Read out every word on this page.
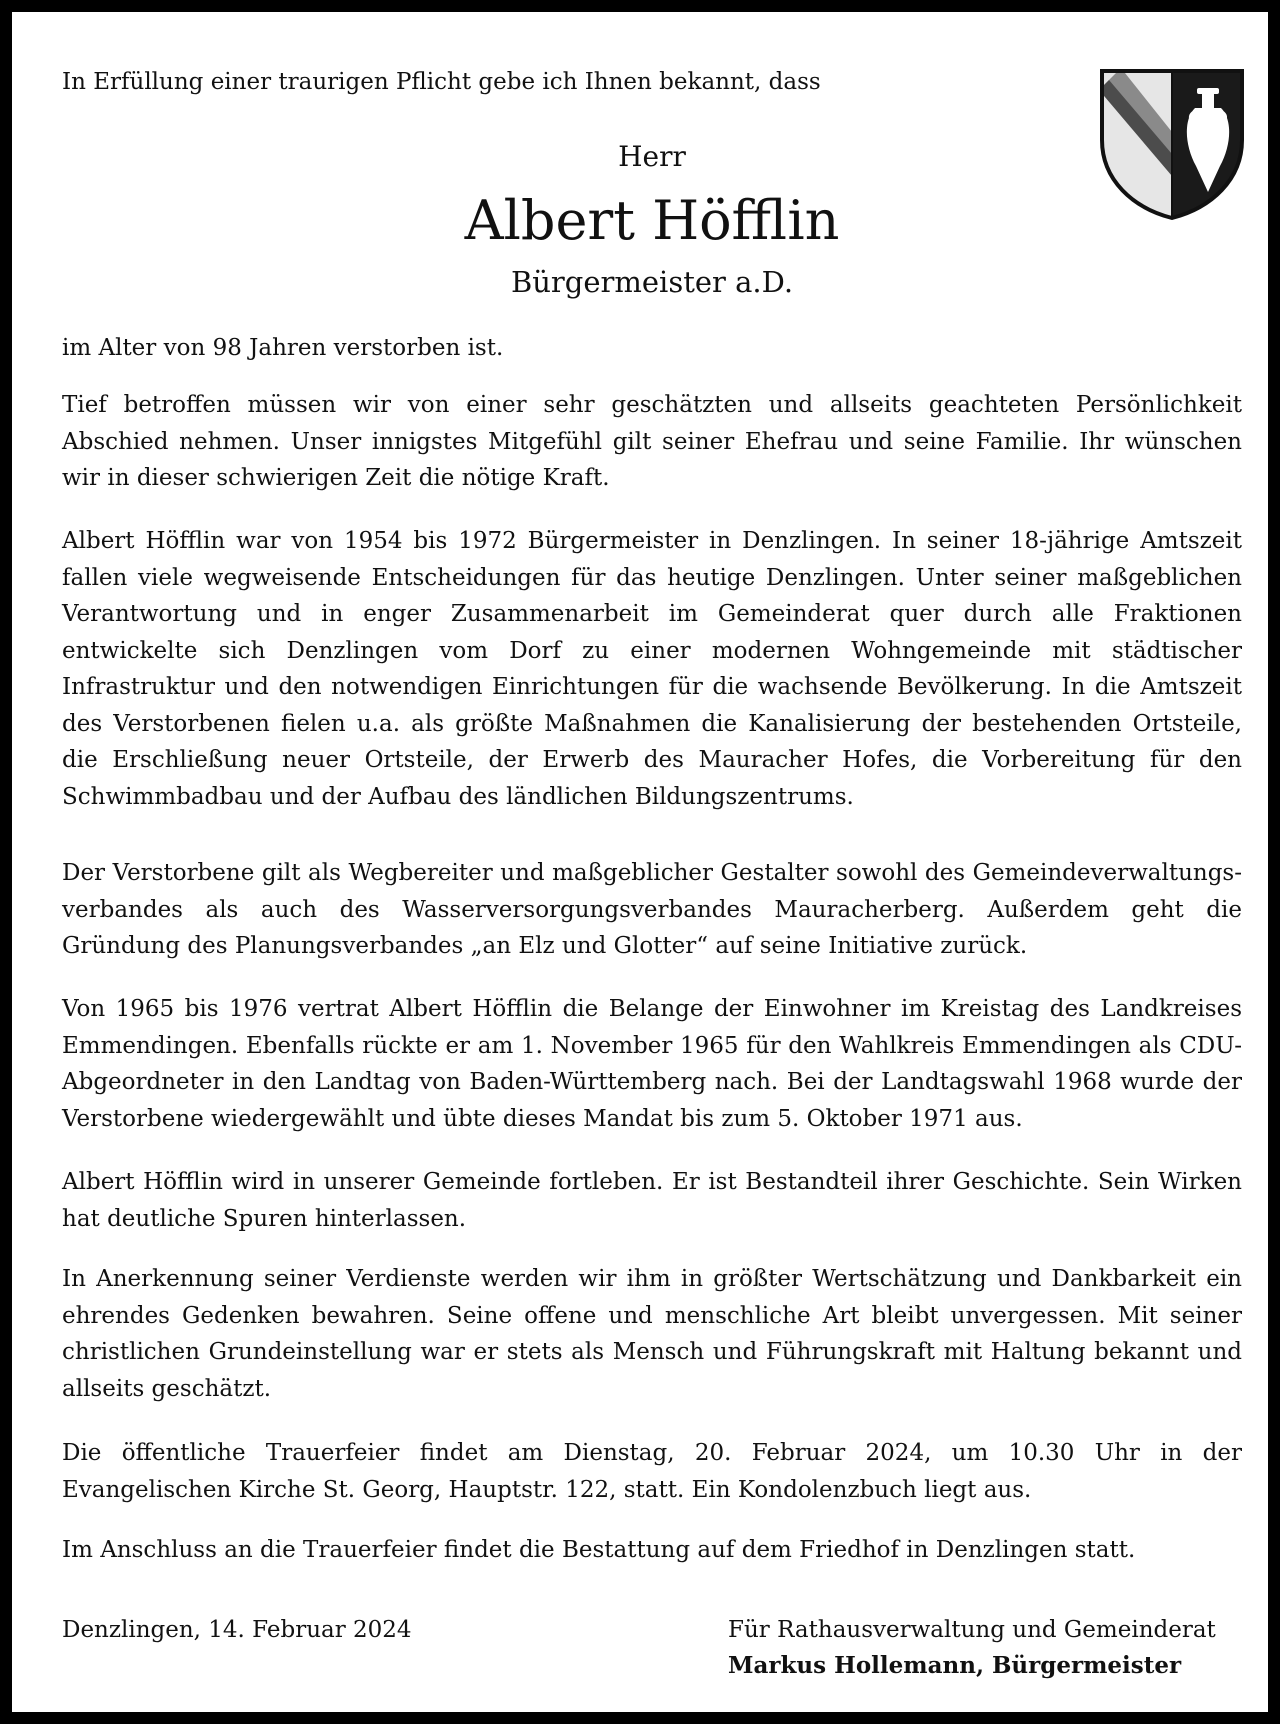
In Erfüllung einer traurigen Pflicht gebe ich Ihnen bekannt, dass
Herr
Albert Höfflin
Bürgermeister a.D.

im Alter von 98 Jahren verstorben ist.

Tief betroffen müssen wir von einer sehr geschätzten und allseits geachteten Persönlichkeit Abschied nehmen. Unser innigstes Mitgefühl gilt seiner Ehefrau und seine Familie. Ihr wünschen wir in dieser schwierigen Zeit die nötige Kraft.

Albert Höfflin war von 1954 bis 1972 Bürgermeister in Denzlingen. In seiner 18-jährige Amtszeit fallen viele wegweisende Entscheidungen für das heutige Denzlingen. Unter seiner maßgeblichen Verantwortung und in enger Zusammenarbeit im Gemeinderat quer durch alle Fraktionen entwickelte sich Denzlingen vom Dorf zu einer modernen Wohngemeinde mit städtischer Infrastruktur und den notwendigen Einrichtungen für die wachsende Bevölkerung. In die Amtszeit des Verstorbenen fielen u.a. als größte Maßnahmen die Kanalisierung der bestehenden Ortsteile, die Erschließung neuer Ortsteile, der Erwerb des Mauracher Hofes, die Vorbereitung für den Schwimmbadbau und der Aufbau des ländlichen Bildungszentrums.

Der Verstorbene gilt als Wegbereiter und maßgeblicher Gestalter sowohl des Gemeindeverwaltungs-verbandes als auch des Wasserversorgungsverbandes Mauracherberg. Außerdem geht die Gründung des Planungsverbandes „an Elz und Glotter“ auf seine Initiative zurück.

Von 1965 bis 1976 vertrat Albert Höfflin die Belange der Einwohner im Kreistag des Landkreises Emmendingen. Ebenfalls rückte er am 1. November 1965 für den Wahlkreis Emmendingen als CDU-Abgeordneter in den Landtag von Baden-Württemberg nach. Bei der Landtagswahl 1968 wurde der Verstorbene wiedergewählt und übte dieses Mandat bis zum 5. Oktober 1971 aus.

Albert Höfflin wird in unserer Gemeinde fortleben. Er ist Bestandteil ihrer Geschichte. Sein Wirken hat deutliche Spuren hinterlassen.

In Anerkennung seiner Verdienste werden wir ihm in größter Wertschätzung und Dankbarkeit ein ehrendes Gedenken bewahren. Seine offene und menschliche Art bleibt unvergessen. Mit seiner christlichen Grundeinstellung war er stets als Mensch und Führungskraft mit Haltung bekannt und allseits geschätzt.

Die öffentliche Trauerfeier findet am Dienstag, 20. Februar 2024, um 10.30 Uhr in der Evangelischen Kirche St. Georg, Hauptstr. 122, statt. Ein Kondolenzbuch liegt aus.

Im Anschluss an die Trauerfeier findet die Bestattung auf dem Friedhof in Denzlingen statt.

Denzlingen, 14. Februar 2024	Für Rathausverwaltung und Gemeinderat
Markus Hollemann, Bürgermeister
